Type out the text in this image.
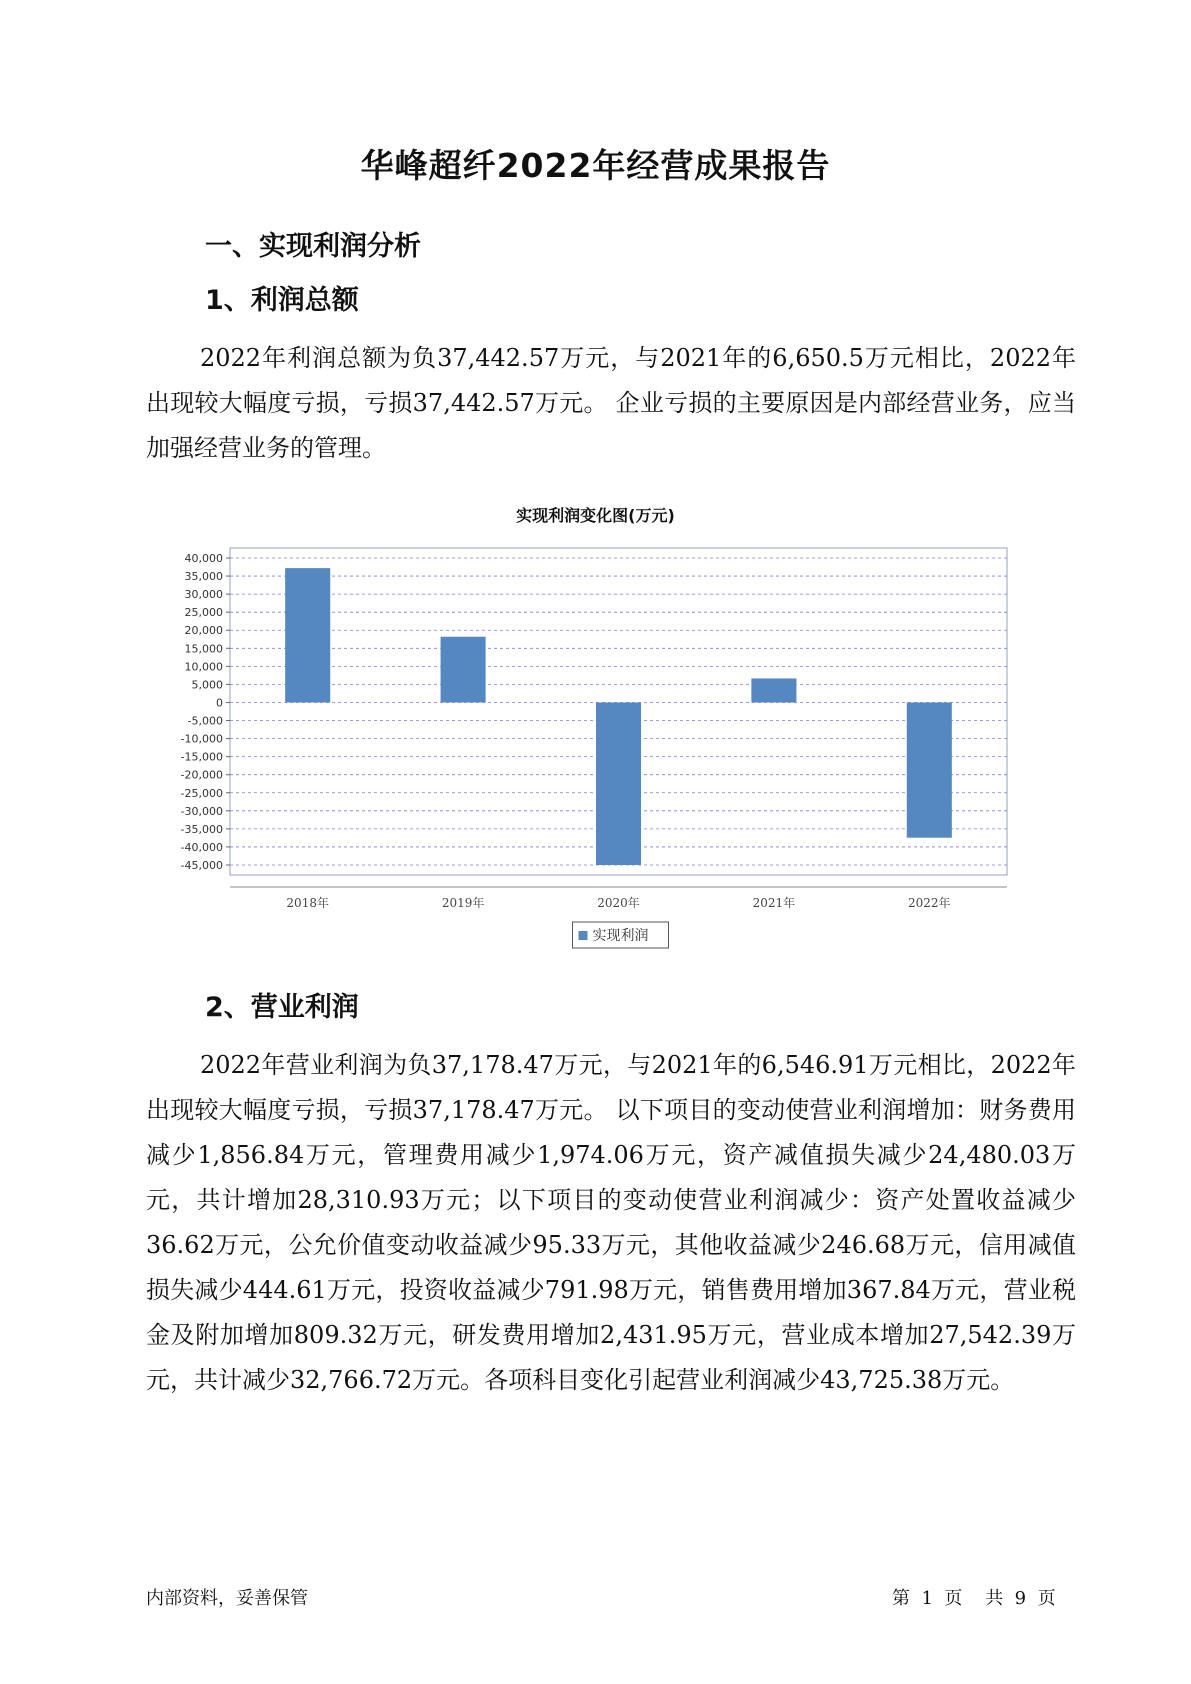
华峰超纤2022年经营成果报告
一、实现利润分析
1、利润总额

2022年利润总额为负37,442.57万元，与2021年的6,650.5万元相比，2022年出现较大幅度亏损，亏损37,442.57万元。 企业亏损的主要原因是内部经营业务，应当加强经营业务的管理。

实现利润变化图(万元)
40,000
35,000
30,000
25,000
20,000
15,000
10,000
5,000
0
-5,000
-10,000
-15,000
-20,000
-25,000
-30,000
-35,000
-40,000
-45,000
2018年	2019年	2020年	2021年	2022年
实现利润
2、营业利润

2022年营业利润为负37,178.47万元，与2021年的6,546.91万元相比，2022年出现较大幅度亏损，亏损37,178.47万元。 以下项目的变动使营业利润增加：财务费用减少1,856.84万元，管理费用减少1,974.06万元，资产减值损失减少24,480.03万元，共计增加28,310.93万元；以下项目的变动使营业利润减少：资产处置收益减少36.62万元，公允价值变动收益减少95.33万元，其他收益减少246.68万元，信用减值损失减少444.61万元，投资收益减少791.98万元，销售费用增加367.84万元，营业税金及附加增加809.32万元，研发费用增加2,431.95万元，营业成本增加27,542.39万元，共计减少32,766.72万元。各项科目变化引起营业利润减少43,725.38万元。

内部资料，妥善保管	第  1  页    共  9  页
